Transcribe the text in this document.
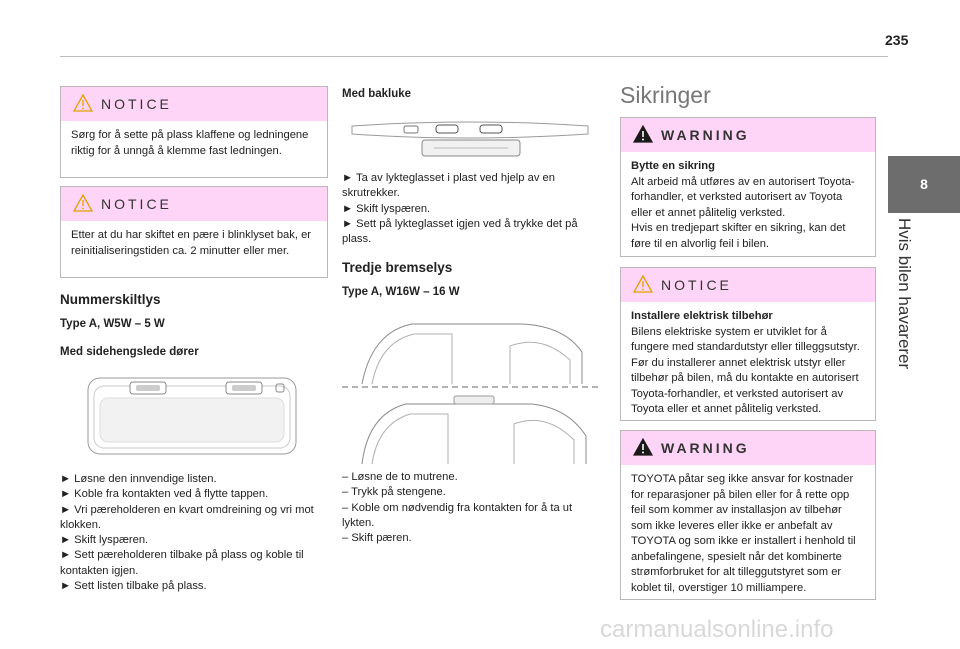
235
8
Hvis bilen havarerer
NOTICE
Sørg for å sette på plass klaffene og ledningene riktig for å unngå å klemme fast ledningen.
NOTICE
Etter at du har skiftet en pære i blinklyset bak, er reinitialiseringstiden ca. 2 minutter eller mer.
Nummerskiltlys
Type A, W5W – 5 W
Med sidehengslede dører
► Løsne den innvendige listen.
► Koble fra kontakten ved å flytte tappen.
► Vri pæreholderen en kvart omdreining og vri mot klokken.
► Skift lyspæren.
► Sett pæreholderen tilbake på plass og koble til kontakten igjen.
► Sett listen tilbake på plass.
Med bakluke
► Ta av lykteglasset i plast ved hjelp av en skrutrekker.
► Skift lyspæren.
► Sett på lykteglasset igjen ved å trykke det på plass.
Tredje bremselys
Type A, W16W – 16 W
– Løsne de to mutrene.
– Trykk på stengene.
– Koble om nødvendig fra kontakten for å ta ut lykten.
– Skift pæren.
Sikringer
WARNING
Bytte en sikring
Alt arbeid må utføres av en autorisert Toyota-forhandler, et verksted autorisert av Toyota eller et annet pålitelig verksted.
Hvis en tredjepart skifter en sikring, kan det føre til en alvorlig feil i bilen.
NOTICE
Installere elektrisk tilbehør
Bilens elektriske system er utviklet for å fungere med standardutstyr eller tilleggsutstyr.
Før du installerer annet elektrisk utstyr eller tilbehør på bilen, må du kontakte en autorisert Toyota-forhandler, et verksted autorisert av Toyota eller et annet pålitelig verksted.
WARNING
TOYOTA påtar seg ikke ansvar for kostnader for reparasjoner på bilen eller for å rette opp feil som kommer av installasjon av tilbehør som ikke leveres eller ikke er anbefalt av TOYOTA og som ikke er installert i henhold til anbefalingene, spesielt når det kombinerte strømforbruket for alt tilleggutstyret som er koblet til, overstiger 10 milliampere.
carmanualsonline.info
